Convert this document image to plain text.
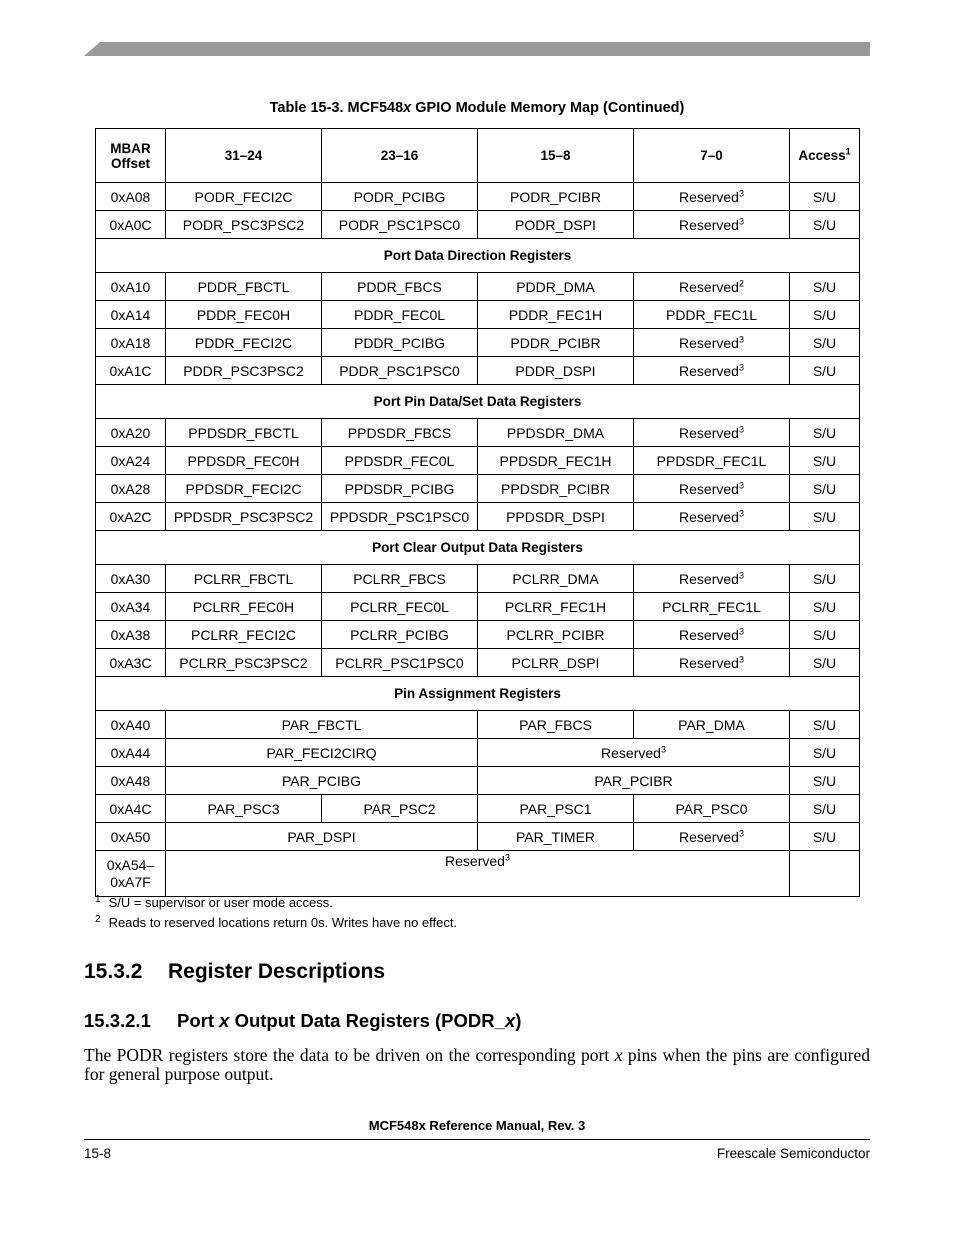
Table 15-3. MCF548x GPIO Module Memory Map (Continued)
MBAR
Offset	31–24	23–16	15–8	7–0	Access$^1$
0xA08	PODR_FECI2C	PODR_PCIBG	PODR_PCIBR	Reserved$^3$	S/U
0xA0C	PODR_PSC3PSC2	PODR_PSC1PSC0	PODR_DSPI	Reserved$^3$	S/U
Port Data Direction Registers					
0xA10	PDDR_FBCTL	PDDR_FBCS	PDDR_DMA	Reserved$^2$	S/U
0xA14	PDDR_FEC0H	PDDR_FEC0L	PDDR_FEC1H	PDDR_FEC1L	S/U
0xA18	PDDR_FECI2C	PDDR_PCIBG	PDDR_PCIBR	Reserved$^3$	S/U
0xA1C	PDDR_PSC3PSC2	PDDR_PSC1PSC0	PDDR_DSPI	Reserved$^3$	S/U
Port Pin Data/Set Data Registers					
0xA20	PPDSDR_FBCTL	PPDSDR_FBCS	PPDSDR_DMA	Reserved$^3$	S/U
0xA24	PPDSDR_FEC0H	PPDSDR_FEC0L	PPDSDR_FEC1H	PPDSDR_FEC1L	S/U
0xA28	PPDSDR_FECI2C	PPDSDR_PCIBG	PPDSDR_PCIBR	Reserved$^3$	S/U
0xA2C	PPDSDR_PSC3PSC2	PPDSDR_PSC1PSC0	PPDSDR_DSPI	Reserved$^3$	S/U
Port Clear Output Data Registers					
0xA30	PCLRR_FBCTL	PCLRR_FBCS	PCLRR_DMA	Reserved$^3$	S/U
0xA34	PCLRR_FEC0H	PCLRR_FEC0L	PCLRR_FEC1H	PCLRR_FEC1L	S/U
0xA38	PCLRR_FECI2C	PCLRR_PCIBG	PCLRR_PCIBR	Reserved$^3$	S/U
0xA3C	PCLRR_PSC3PSC2	PCLRR_PSC1PSC0	PCLRR_DSPI	Reserved$^3$	S/U
Pin Assignment Registers					
0xA40	PAR_FBCTL		PAR_FBCS	PAR_DMA	S/U
0xA44	PAR_FECI2CIRQ		Reserved$^3$		S/U
0xA48	PAR_PCIBG		PAR_PCIBR		S/U
0xA4C	PAR_PSC3	PAR_PSC2	PAR_PSC1	PAR_PSC0	S/U
0xA50	PAR_DSPI		PAR_TIMER	Reserved$^3$	S/U
0xA54–
0xA7F	Reserved$^3$	
$^1$ S/U = supervisor or user mode access.
$^2$ Reads to reserved locations return 0s. Writes have no effect.
15.3.2 Register Descriptions
15.3.2.1 Port x Output Data Registers (PODR_x)
The PODR registers store the data to be driven on the corresponding port x pins when the pins are configured for general purpose output.
MCF548x Reference Manual, Rev. 3
15-8	Freescale Semiconductor
